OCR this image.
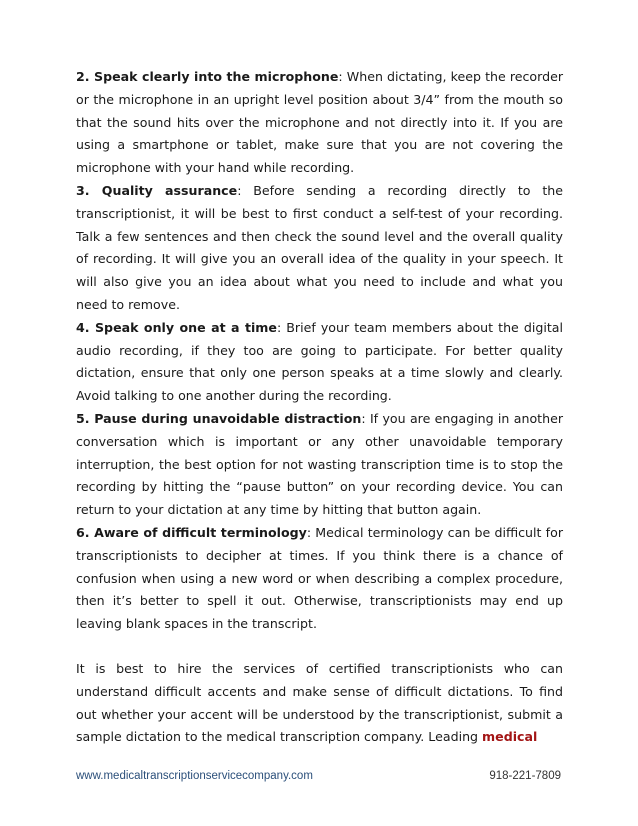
2. Speak clearly into the microphone: When dictating, keep the recorder or the microphone in an upright level position about 3/4” from the mouth so that the sound hits over the microphone and not directly into it. If you are using a smartphone or tablet, make sure that you are not covering the microphone with your hand while recording.

3. Quality assurance: Before sending a recording directly to the transcriptionist, it will be best to first conduct a self-test of your recording. Talk a few sentences and then check the sound level and the overall quality of recording. It will give you an overall idea of the quality in your speech. It will also give you an idea about what you need to include and what you need to remove.

4. Speak only one at a time: Brief your team members about the digital audio recording, if they too are going to participate. For better quality dictation, ensure that only one person speaks at a time slowly and clearly. Avoid talking to one another during the recording.

5. Pause during unavoidable distraction: If you are engaging in another conversation which is important or any other unavoidable temporary interruption, the best option for not wasting transcription time is to stop the recording by hitting the “pause button” on your recording device. You can return to your dictation at any time by hitting that button again.

6. Aware of difficult terminology: Medical terminology can be difficult for transcriptionists to decipher at times. If you think there is a chance of confusion when using a new word or when describing a complex procedure, then it’s better to spell it out. Otherwise, transcriptionists may end up leaving blank spaces in the transcript.

It is best to hire the services of certified transcriptionists who can understand difficult accents and make sense of difficult dictations. To find out whether your accent will be understood by the transcriptionist, submit a sample dictation to the medical transcription company. Leading medical

www.medicaltranscriptionservicecompany.com	918-221-7809
